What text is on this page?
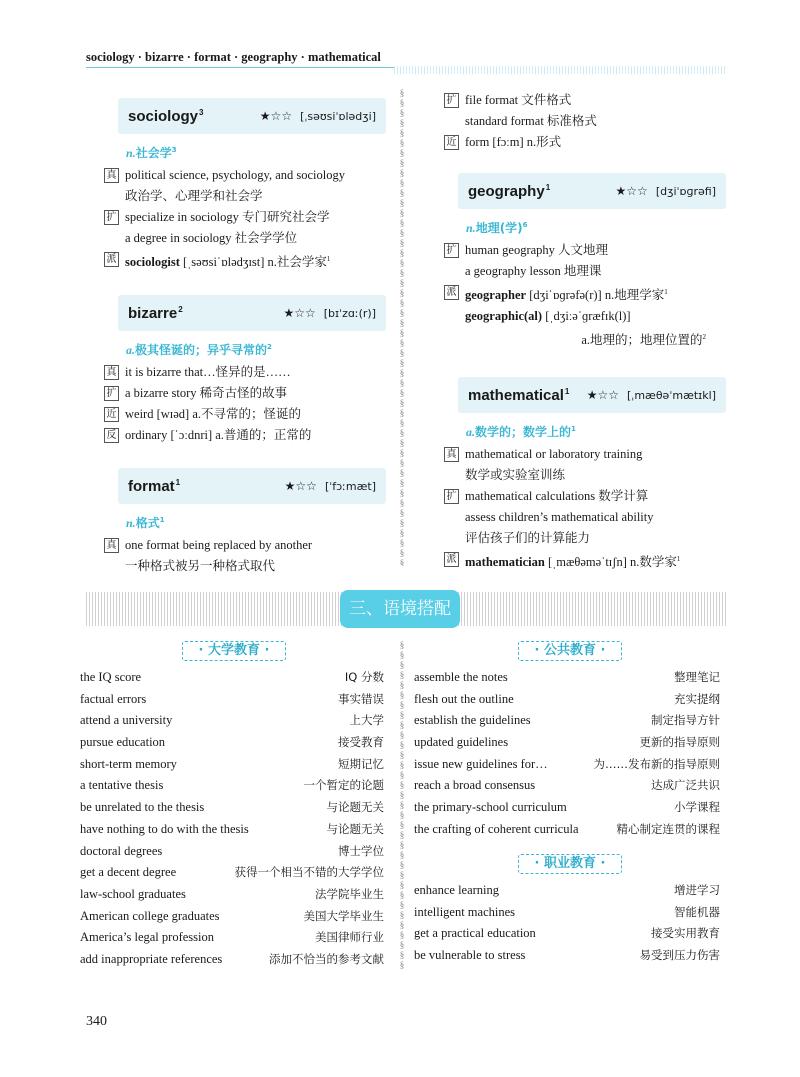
sociology · bizarre · format · geography · mathematical
sociology$^3$	★☆☆ [ˌsəʊsiˈɒlədʒi]
n.社会学$^3$
真 political science, psychology, and sociology
政治学、心理学和社会学
扩 specialize in sociology 专门研究社会学
a degree in sociology 社会学学位
派 sociologist [ˌsəʊsiˈɒlədʒɪst] n.社会学家$^1$
bizarre$^2$	★☆☆ [bɪˈzɑː(r)]
a.极其怪诞的；异乎寻常的$^2$
真 it is bizarre that…怪异的是……
扩 a bizarre story 稀奇古怪的故事
近 weird [wɪəd] a.不寻常的；怪诞的
反 ordinary [ˈɔːdnri] a.普通的；正常的
format$^1$	★☆☆ [ˈfɔːmæt]
n.格式$^1$
真 one format being replaced by another
一种格式被另一种格式取代
§
§
§
§
§
§
§
§
§
§
§
§
§
§
§
§
§
§
§
§
§
§
§
§
§
§
§
§
§
§
§
§
§
§
§
§
§
§
§
§
§
§
§
§
§
§
§
§
扩 file format 文件格式
standard format 标准格式
近 form [fɔːm] n.形式
geography$^1$	★☆☆ [dʒiˈɒɡrəfi]
n.地理(学)$^6$
扩 human geography 人文地理
a geography lesson 地理课
派 geographer [dʒiˈɒɡrəfə(r)] n.地理学家$^1$
geographic(al) [ˌdʒiːəˈɡræfɪk(l)]
a.地理的；地理位置的$^2$
mathematical$^1$ ★☆☆ [ˌmæθəˈmætɪkl]
a.数学的；数学上的$^1$
真 mathematical or laboratory training
数学或实验室训练
扩 mathematical calculations 数学计算
assess children’s mathematical ability
评估孩子们的计算能力
派 mathematician [ˌmæθəməˈtɪʃn] n.数学家$^1$
三、语境搭配
· 大学教育 ·
the IQ score	IQ 分数
factual errors	事实错误
attend a university	上大学
pursue education	接受教育
short-term memory	短期记忆
a tentative thesis	一个暂定的论题
be unrelated to the thesis	与论题无关
have nothing to do with the thesis	与论题无关
doctoral degrees	博士学位
get a decent degree	获得一个相当不错的大学学位
law-school graduates	法学院毕业生
American college graduates	美国大学毕业生
America’s legal profession	美国律师行业
add inappropriate references	添加不恰当的参考文献
§
§
§
§
§
§
§
§
§
§
§
§
§
§
§
§
§
§
§
§
§
§
§
§
§
§
§
§
§
§
§
§
§
· 公共教育 ·
assemble the notes	整理笔记
flesh out the outline	充实提纲
establish the guidelines	制定指导方针
updated guidelines	更新的指导原则
issue new guidelines for…	为……发布新的指导原则
reach a broad consensus	达成广泛共识
the primary-school curriculum	小学课程
the crafting of coherent curricula	精心制定连贯的课程
· 职业教育 ·
enhance learning	增进学习
intelligent machines	智能机器
get a practical education	接受实用教育
be vulnerable to stress	易受到压力伤害
340
